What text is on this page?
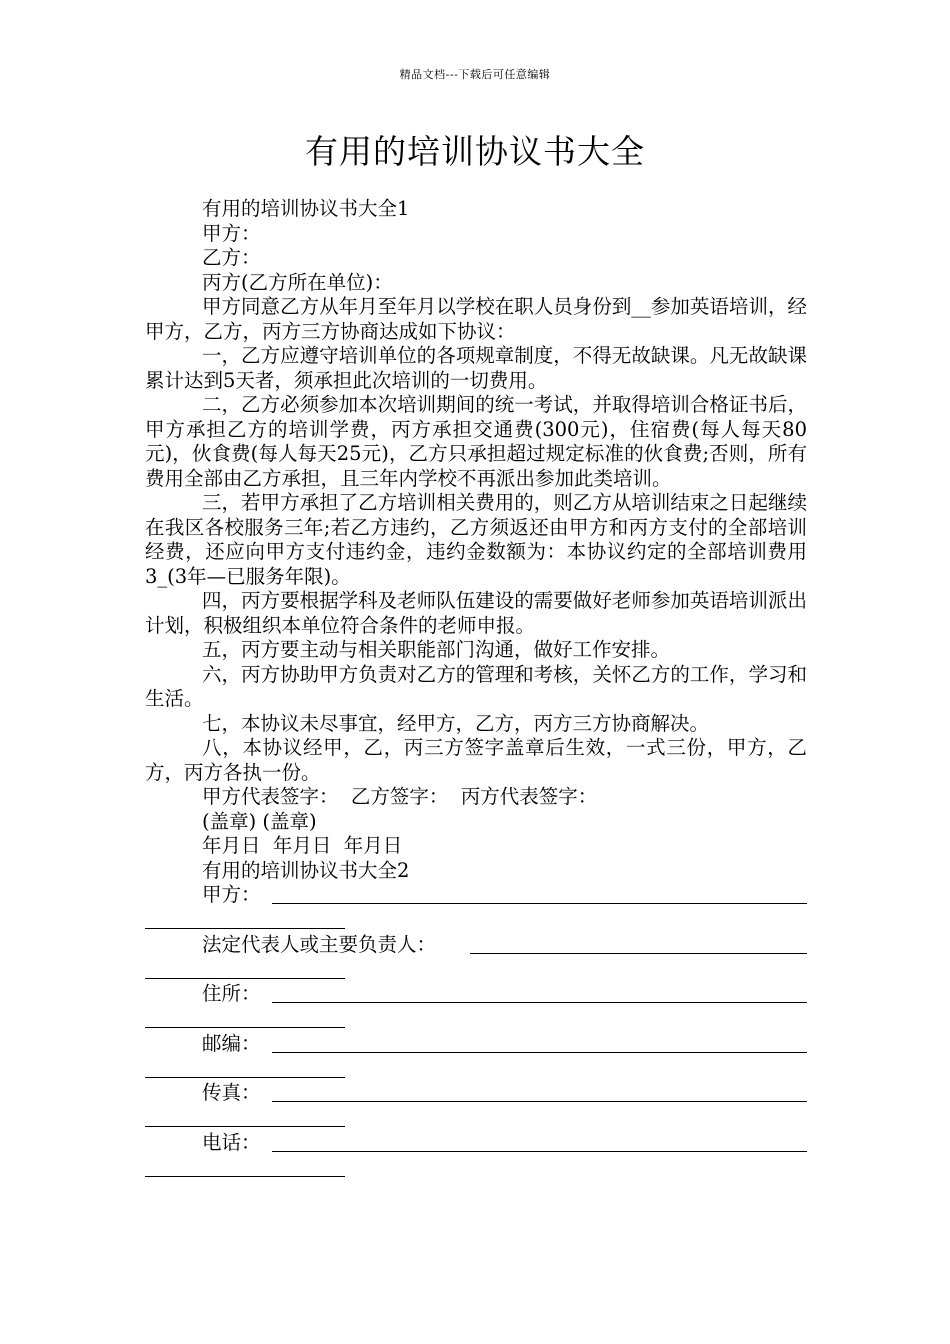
精品文档---下载后可任意编辑
有用的培训协议书大全

有用的培训协议书大全1

甲方：

乙方：

丙方(乙方所在单位)：

甲方同意乙方从年月至年月以学校在职人员身份到__参加英语培训，经甲方，乙方，丙方三方协商达成如下协议：

一，乙方应遵守培训单位的各项规章制度，不得无故缺课。凡无故缺课累计达到5天者，须承担此次培训的一切费用。

二，乙方必须参加本次培训期间的统一考试，并取得培训合格证书后，甲方承担乙方的培训学费，丙方承担交通费(300元)，住宿费(每人每天80元)，伙食费(每人每天25元)，乙方只承担超过规定标准的伙食费;否则，所有费用全部由乙方承担，且三年内学校不再派出参加此类培训。

三，若甲方承担了乙方培训相关费用的，则乙方从培训结束之日起继续在我区各校服务三年;若乙方违约，乙方须返还由甲方和丙方支付的全部培训经费，还应向甲方支付违约金，违约金数额为：本协议约定的全部培训费用3_(3年—已服务年限)。

四，丙方要根据学科及老师队伍建设的需要做好老师参加英语培训派出计划，积极组织本单位符合条件的老师申报。

五，丙方要主动与相关职能部门沟通，做好工作安排。

六，丙方协助甲方负责对乙方的管理和考核，关怀乙方的工作，学习和生活。

七，本协议未尽事宜，经甲方，乙方，丙方三方协商解决。

八，本协议经甲，乙，丙三方签字盖章后生效，一式三份，甲方，乙方，丙方各执一份。

甲方代表签字：  乙方签字：  丙方代表签字：

(盖章) (盖章)

年月日  年月日  年月日

有用的培训协议书大全2

甲方：
法定代表人或主要负责人：
住所：
邮编：
传真：
电话：
